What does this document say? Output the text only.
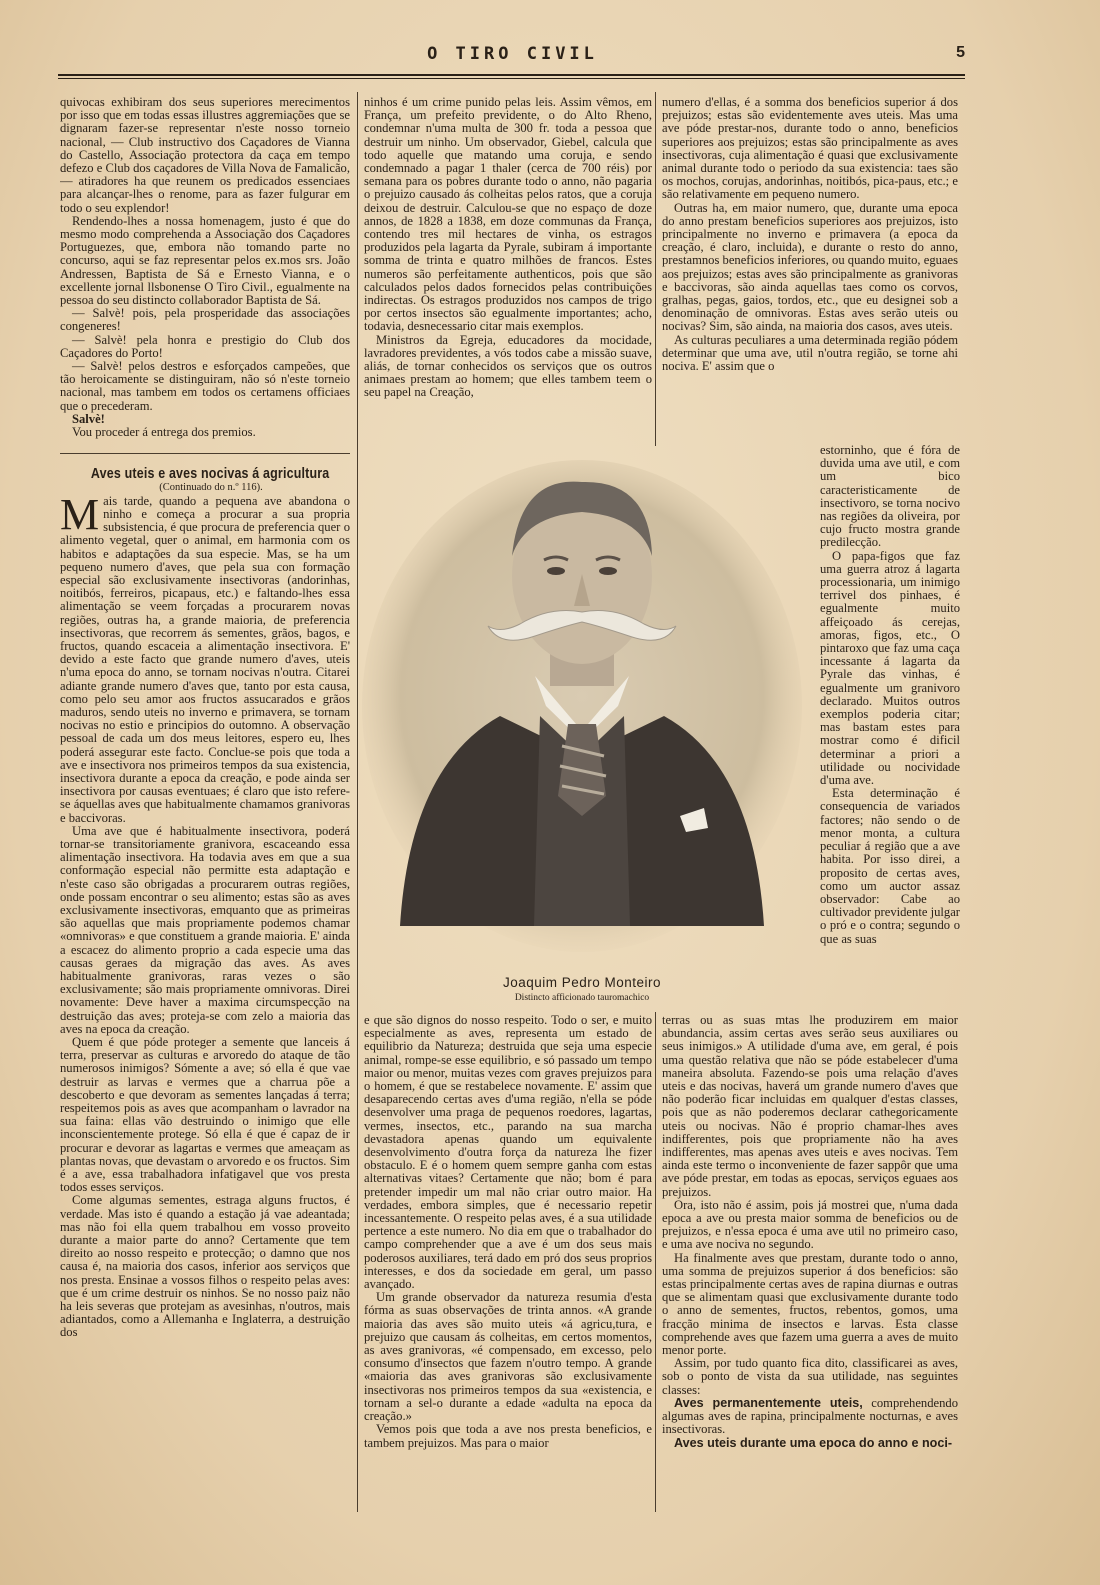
O TIRO CIVIL	5

quivocas exhibiram dos seus superiores merecimentos por isso que em todas essas illustres aggremiações que se dignaram fazer-se representar n'este nosso torneio nacional, — Club instructivo dos Caçadores de Vianna do Castello, Associação protectora da caça em tempo defezo e Club dos caçadores de Villa Nova de Famalicão, — atiradores ha que reunem os predicados essenciaes para alcançar-lhes o renome, para as fazer fulgurar em todo o seu explendor!

Rendendo-lhes a nossa homenagem, justo é que do mesmo modo comprehenda a Associação dos Caçadores Portuguezes, que, embora não tomando parte no concurso, aqui se faz representar pelos ex.mos srs. João Andressen, Baptista de Sá e Ernesto Vianna, e o excellente jornal llsbonense O Tiro Civil., egualmente na pessoa do seu distincto collaborador Baptista de Sá.

— Salvè! pois, pela prosperidade das associações congeneres!

— Salvè! pela honra e prestigio do Club dos Caçadores do Porto!

— Salvè! pelos destros e esforçados campeões, que tão heroicamente se distinguiram, não só n'este torneio nacional, mas tambem em todos os certamens officiaes que o precederam.

Salvè!

Vou proceder á entrega dos premios.

Aves uteis e aves nocivas á agricultura

(Continuado do n.º 116).

Mais tarde, quando a pequena ave abandona o ninho e começa a procurar a sua propria subsistencia, é que procura de preferencia quer o alimento vegetal, quer o animal, em harmonia com os habitos e adaptações da sua especie. Mas, se ha um pequeno numero d'aves, que pela sua con formação especial são exclusivamente insectivoras (andorinhas, noitibós, ferreiros, picapaus, etc.) e faltando-lhes essa alimentação se veem forçadas a procurarem novas regiões, outras ha, a grande maioria, de preferencia insectivoras, que recorrem ás sementes, grãos, bagos, e fructos, quando escaceia a alimentação insectivora. E' devido a este facto que grande numero d'aves, uteis n'uma epoca do anno, se tornam nocivas n'outra. Citarei adiante grande numero d'aves que, tanto por esta causa, como pelo seu amor aos fructos assucarados e grãos maduros, sendo uteis no inverno e primavera, se tornam nocivas no estio e principios do outomno. A observação pessoal de cada um dos meus leitores, espero eu, lhes poderá assegurar este facto. Conclue-se pois que toda a ave e insectivora nos primeiros tempos da sua existencia, insectivora durante a epoca da creação, e pode ainda ser insectivora por causas eventuaes; é claro que isto refere-se áquellas aves que habitualmente chamamos granivoras e baccivoras.

Uma ave que é habitualmente insectivora, poderá tornar-se transitoriamente granivora, escaceando essa alimentação insectivora. Ha todavia aves em que a sua conformação especial não permitte esta adaptação e n'este caso são obrigadas a procurarem outras regiões, onde possam encontrar o seu alimento; estas são as aves exclusivamente insectivoras, emquanto que as primeiras são aquellas que mais propriamente podemos chamar «omnivoras» e que constituem a grande maioria. E' ainda a escacez do alimento proprio a cada especie uma das causas geraes da migração das aves. As aves habitualmente granivoras, raras vezes o são exclusivamente; são mais propriamente omnivoras. Direi novamente: Deve haver a maxima circumspecção na destruição das aves; proteja-se com zelo a maioria das aves na epoca da creação.

Quem é que póde proteger a semente que lanceis á terra, preservar as culturas e arvoredo do ataque de tão numerosos inimigos? Sómente a ave; só ella é que vae destruir as larvas e vermes que a charrua põe a descoberto e que devoram as sementes lançadas á terra; respeitemos pois as aves que acompanham o lavrador na sua faina: ellas vão destruindo o inimigo que elle inconscientemente protege. Só ella é que é capaz de ir procurar e devorar as lagartas e vermes que ameaçam as plantas novas, que devastam o arvoredo e os fructos. Sim é a ave, essa trabalhadora infatigavel que vos presta todos esses serviços.

Come algumas sementes, estraga alguns fructos, é verdade. Mas isto é quando a estação já vae adeantada; mas não foi ella quem trabalhou em vosso proveito durante a maior parte do anno? Certamente que tem direito ao nosso respeito e protecção; o damno que nos causa é, na maioria dos casos, inferior aos serviços que nos presta. Ensinae a vossos filhos o respeito pelas aves: que é um crime destruir os ninhos. Se no nosso paiz não ha leis severas que protejam as avesinhas, n'outros, mais adiantados, como a Allemanha e Inglaterra, a destruição dos

ninhos é um crime punido pelas leis. Assim vêmos, em França, um prefeito previdente, o do Alto Rheno, condemnar n'uma multa de 300 fr. toda a pessoa que destruir um ninho. Um observador, Giebel, calcula que todo aquelle que matando uma coruja, e sendo condemnado a pagar 1 thaler (cerca de 700 réis) por semana para os pobres durante todo o anno, não pagaria o prejuizo causado ás colheitas pelos ratos, que a coruja deixou de destruir. Calculou-se que no espaço de doze annos, de 1828 a 1838, em doze communas da França, contendo tres mil hectares de vinha, os estragos produzidos pela lagarta da Pyrale, subiram á importante somma de trinta e quatro milhões de francos. Estes numeros são perfeitamente authenticos, pois que são calculados pelos dados fornecidos pelas contribuições indirectas. Os estragos produzidos nos campos de trigo por certos insectos são egualmente importantes; acho, todavia, desnecessario citar mais exemplos.

Ministros da Egreja, educadores da mocidade, lavradores previdentes, a vós todos cabe a missão suave, aliás, de tornar conhecidos os serviços que os outros animaes prestam ao homem; que elles tambem teem o seu papel na Creação,

numero d'ellas, é a somma dos beneficios superior á dos prejuizos; estas são evidentemente aves uteis. Mas uma ave póde prestar-nos, durante todo o anno, beneficios superiores aos prejuizos; estas são principalmente as aves insectivoras, cuja alimentação é quasi que exclusivamente animal durante todo o periodo da sua existencia: taes são os mochos, corujas, andorinhas, noitibós, pica-paus, etc.; e são relativamente em pequeno numero.

Outras ha, em maior numero, que, durante uma epoca do anno prestam beneficios superiores aos prejuizos, isto principalmente no inverno e primavera (a epoca da creação, é claro, incluida), e durante o resto do anno, prestamnos beneficios inferiores, ou quando muito, eguaes aos prejuizos; estas aves são principalmente as granivoras e baccivoras, são ainda aquellas taes como os corvos, gralhas, pegas, gaios, tordos, etc., que eu designei sob a denominação de omnivoras. Estas aves serão uteis ou nocivas? Sim, são ainda, na maioria dos casos, aves uteis.

As culturas peculiares a uma determinada região pódem determinar que uma ave, util n'outra região, se torne ahi nociva. E' assim que o

Joaquim Pedro Monteiro
Distincto afficionado tauromachico

estorninho, que é fóra de duvida uma ave util, e com um bico caracteristicamente de insectivoro, se torna nocivo nas regiões da oliveira, por cujo fructo mostra grande predilecção.

O papa-figos que faz uma guerra atroz á lagarta processionaria, um inimigo terrivel dos pinhaes, é egualmente muito affeiçoado ás cerejas, amoras, figos, etc., O pintaroxo que faz uma caça incessante á lagarta da Pyrale das vinhas, é egualmente um granivoro declarado. Muitos outros exemplos poderia citar; mas bastam estes para mostrar como é dificil determinar a priori a utilidade ou nocividade d'uma ave.

Esta determinação é consequencia de variados factores; não sendo o de menor monta, a cultura peculiar á região que a ave habita. Por isso direi, a proposito de certas aves, como um auctor assaz observador: Cabe ao cultivador previdente julgar o pró e o contra; segundo o que as suas

e que são dignos do nosso respeito. Todo o ser, e muito especialmente as aves, representa um estado de equilibrio da Natureza; destruida que seja uma especie animal, rompe-se esse equilibrio, e só passado um tempo maior ou menor, muitas vezes com graves prejuizos para o homem, é que se restabelece novamente. E' assim que desaparecendo certas aves d'uma região, n'ella se póde desenvolver uma praga de pequenos roedores, lagartas, vermes, insectos, etc., parando na sua marcha devastadora apenas quando um equivalente desenvolvimento d'outra força da natureza lhe fizer obstaculo. E é o homem quem sempre ganha com estas alternativas vitaes? Certamente que não; bom é para pretender impedir um mal não criar outro maior. Ha verdades, embora simples, que é necessario repetir incessantemente. O respeito pelas aves, é a sua utilidade pertence a este numero. No dia em que o trabalhador do campo comprehender que a ave é um dos seus mais poderosos auxiliares, terá dado em pró dos seus proprios interesses, e dos da sociedade em geral, um passo avançado.

Um grande observador da natureza resumia d'esta fórma as suas observações de trinta annos. «A grande maioria das aves são muito uteis «á agricu,tura, e prejuizo que causam ás colheitas, em certos momentos, as aves granivoras, «é compensado, em excesso, pelo consumo d'insectos que fazem n'outro tempo. A grande «maioria das aves granivoras são exclusivamente insectivoras nos primeiros tempos da sua «existencia, e tornam a sel-o durante a edade «adulta na epoca da creação.»

Vemos pois que toda a ave nos presta beneficios, e tambem prejuizos. Mas para o maior

terras ou as suas mtas lhe produzirem em maior abundancia, assim certas aves serão seus auxiliares ou seus inimigos.» A utilidade d'uma ave, em geral, é pois uma questão relativa que não se póde estabelecer d'uma maneira absoluta. Fazendo-se pois uma relação d'aves uteis e das nocivas, haverá um grande numero d'aves que não poderão ficar incluidas em qualquer d'estas classes, pois que as não poderemos declarar cathegoricamente uteis ou nocivas. Não é proprio chamar-lhes aves indifferentes, pois que propriamente não ha aves indifferentes, mas apenas aves uteis e aves nocivas. Tem ainda este termo o inconveniente de fazer sappôr que uma ave póde prestar, em todas as epocas, serviços eguaes aos prejuizos.

Ora, isto não é assim, pois já mostrei que, n'uma dada epoca a ave ou presta maior somma de beneficios ou de prejuizos, e n'essa epoca é uma ave util no primeiro caso, e uma ave nociva no segundo.

Ha finalmente aves que prestam, durante todo o anno, uma somma de prejuizos superior á dos beneficios: são estas principalmente certas aves de rapina diurnas e outras que se alimentam quasi que exclusivamente durante todo o anno de sementes, fructos, rebentos, gomos, uma fracção minima de insectos e larvas. Esta classe comprehende aves que fazem uma guerra a aves de muito menor porte.

Assim, por tudo quanto fica dito, classificarei as aves, sob o ponto de vista da sua utilidade, nas seguintes classes:

Aves permanentemente uteis, comprehendendo algumas aves de rapina, principalmente nocturnas, e aves insectivoras.

Aves uteis durante uma epoca do anno e noci-
